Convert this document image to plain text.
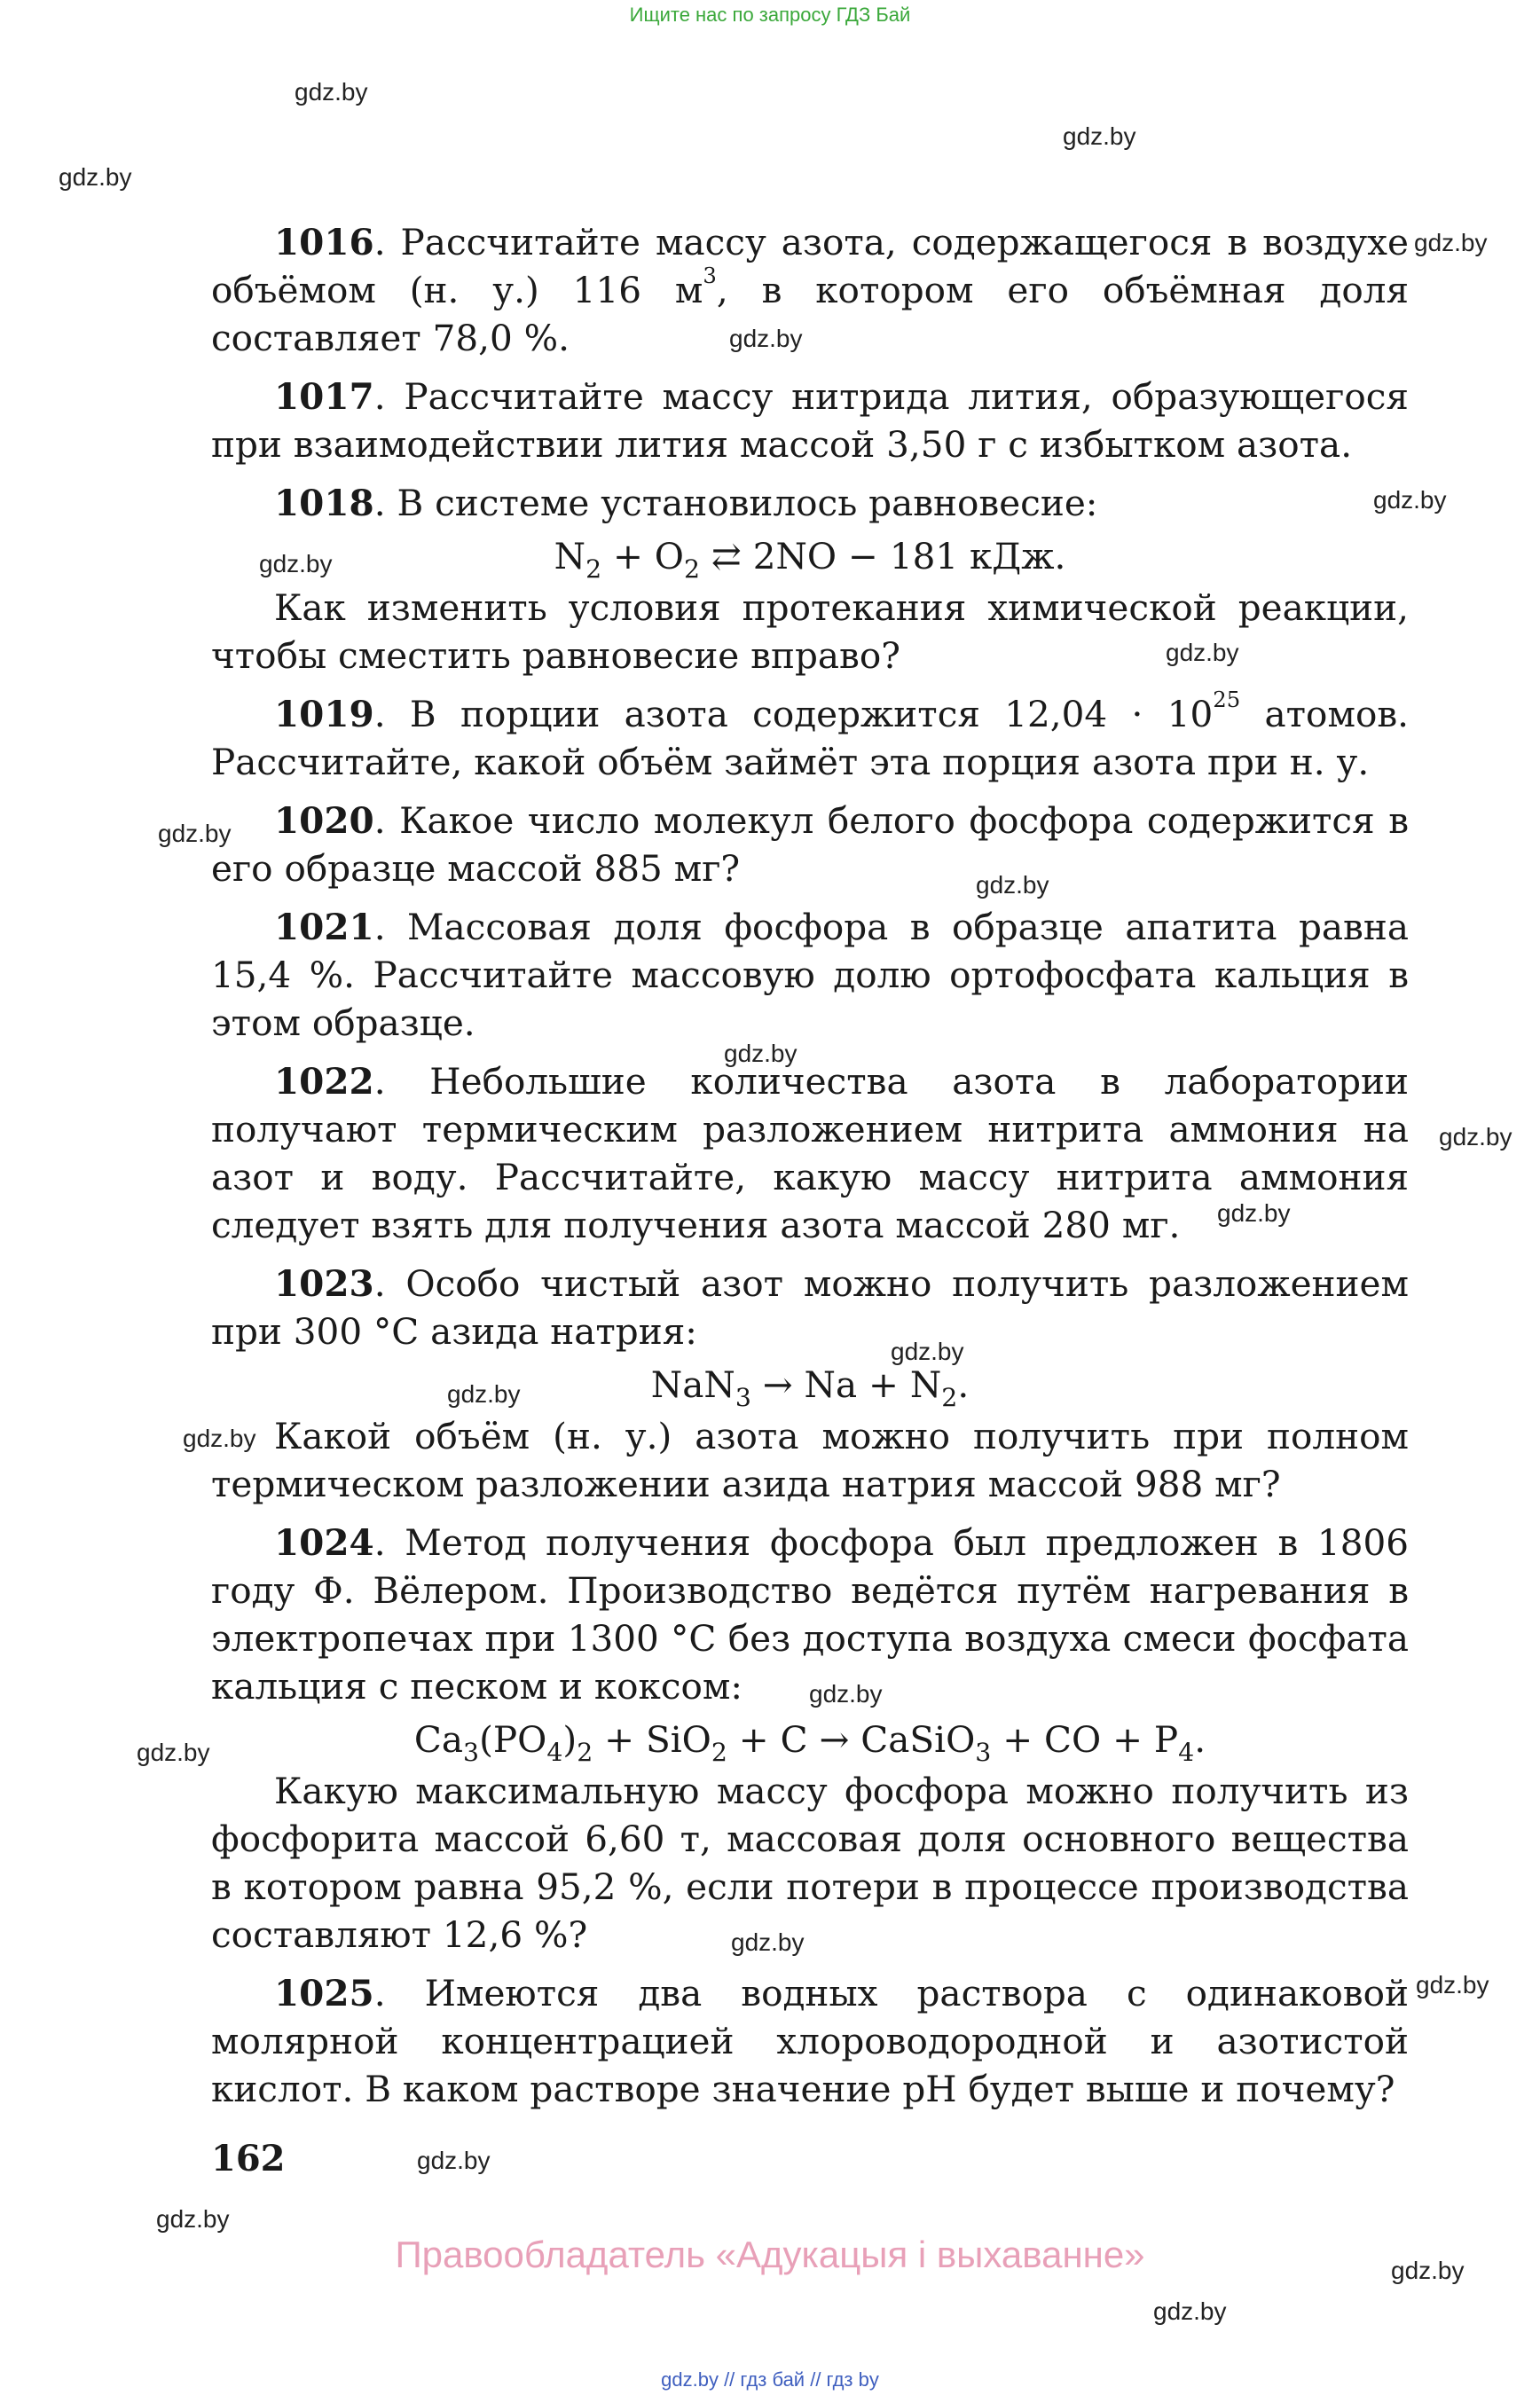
Ищите нас по запросу ГДЗ Бай
gdz.by
gdz.by
gdz.by
gdz.by
gdz.by
gdz.by
gdz.by
gdz.by
gdz.by
gdz.by
gdz.by
gdz.by
gdz.by
gdz.by
gdz.by
gdz.by
gdz.by
gdz.by
gdz.by
gdz.by
gdz.by
gdz.by
gdz.by
gdz.by

1016. Рассчитайте массу азота, содержащегося в воздухе объёмом (н. у.) 116 $м^3$, в котором его объёмная доля составляет 78,0 %.

1017. Рассчитайте массу нитрида лития, образующегося при взаимодействии лития массой 3,50 г с избытком азота.

1018. В системе установилось равновесие:

$N_2 + O_2$ ⇄ 2NO − 181 кДж.

Как изменить условия протекания химической реакции, чтобы сместить равновесие вправо?

1019. В порции азота содержится $12,04 \cdot 10^{25}$ атомов. Рассчитайте, какой объём займёт эта порция азота при н. у.

1020. Какое число молекул белого фосфора содержится в его образце массой 885 мг?

1021. Массовая доля фосфора в образце апатита равна 15,4 %. Рассчитайте массовую долю ортофосфата кальция в этом образце.

1022. Небольшие количества азота в лаборатории получают термическим разложением нитрита аммония на азот и воду. Рассчитайте, какую массу нитрита аммония следует взять для получения азота массой 280 мг.

1023. Особо чистый азот можно получить разложением при 300 °С азида натрия:

$NaN_3 \to Na + N_2$.

Какой объём (н. у.) азота можно получить при полном термическом разложении азида натрия массой 988 мг?

1024. Метод получения фосфора был предложен в 1806 году Ф. Вёлером. Производство ведётся путём нагревания в электропечах при 1300 °С без доступа воздуха смеси фосфата кальция с песком и коксом:

$Ca_3(PO_4)_2 + SiO_2 + C$ → CaSiO$_3$ + CO + $P_4$.

Какую максимальную массу фосфора можно получить из фосфорита массой 6,60 т, массовая доля основного вещества в котором равна 95,2 %, если потери в процессе производства составляют 12,6 %?

1025. Имеются два водных раствора с одинаковой молярной концентрацией хлороводородной и азотистой кислот. В каком растворе значение рН будет выше и почему?

162
Правообладатель «Адукацыя і выхаванне»
gdz.by // гдз бай // гдз by
